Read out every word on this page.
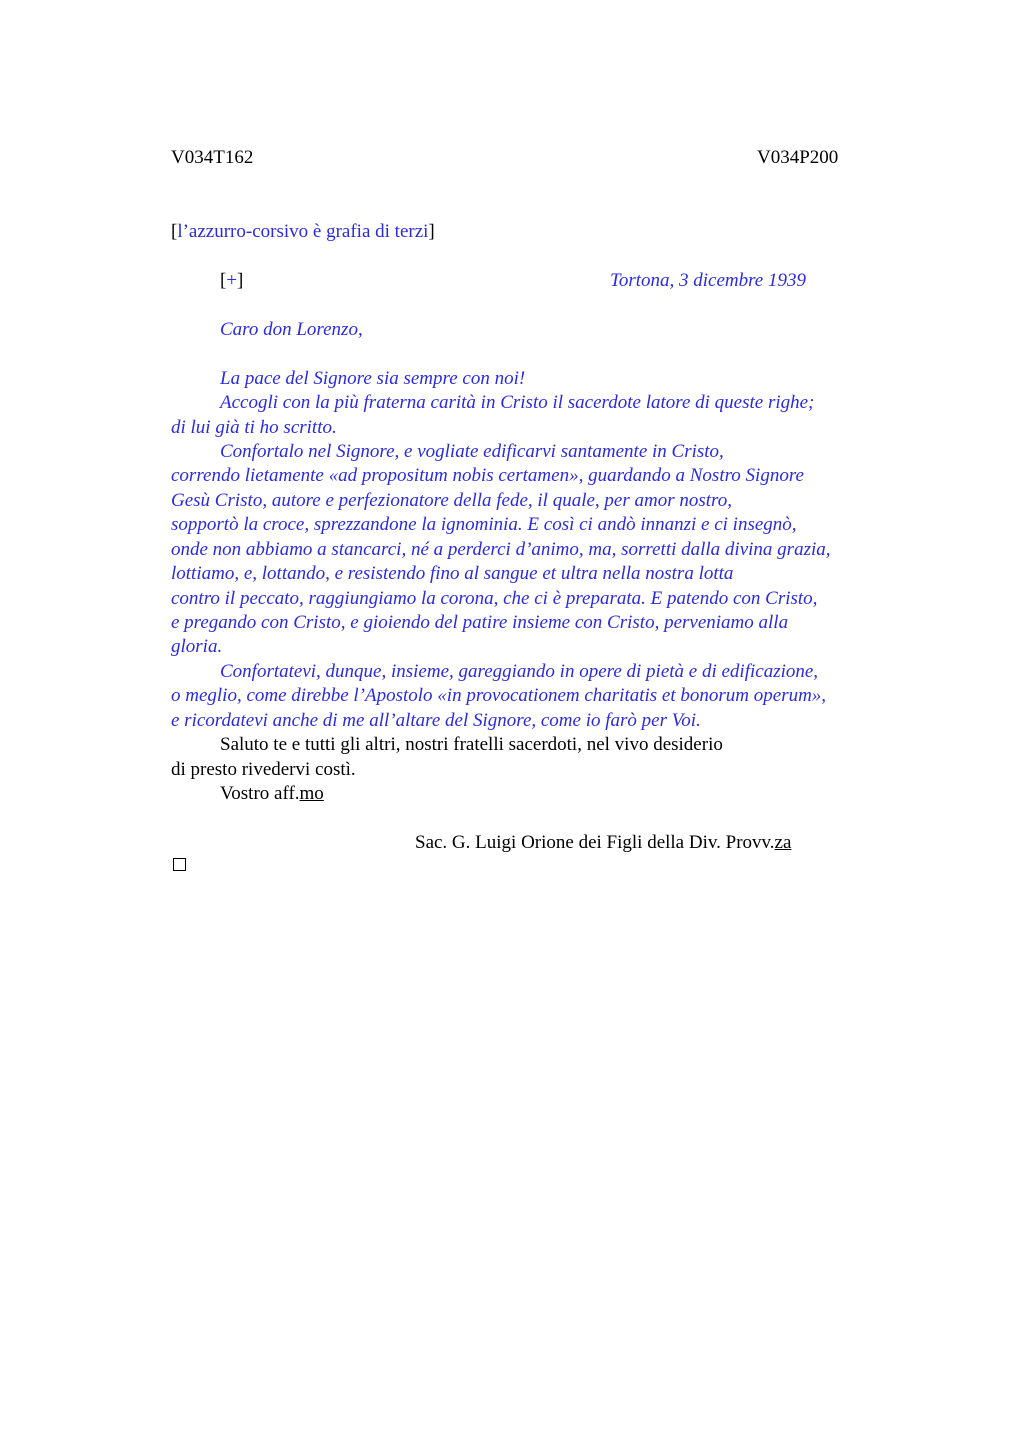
V034T162	V034P200
[l’azzurro-corsivo è grafia di terzi]
[+]	Tortona, 3 dicembre 1939
Caro don Lorenzo,
La pace del Signore sia sempre con noi!
Accogli con la più fraterna carità in Cristo il sacerdote latore di queste righe;
di lui già ti ho scritto.
Confortalo nel Signore, e vogliate edificarvi santamente in Cristo,
correndo lietamente «ad propositum nobis certamen», guardando a Nostro Signore
Gesù Cristo, autore e perfezionatore della fede, il quale, per amor nostro,
sopportò la croce, sprezzandone la ignominia. E così ci andò innanzi e ci insegnò,
onde non abbiamo a stancarci, né a perderci d’animo, ma, sorretti dalla divina grazia,
lottiamo, e, lottando, e resistendo fino al sangue et ultra nella nostra lotta
contro il peccato, raggiungiamo la corona, che ci è preparata. E patendo con Cristo,
e pregando con Cristo, e gioiendo del patire insieme con Cristo, perveniamo alla
gloria.
Confortatevi, dunque, insieme, gareggiando in opere di pietà e di edificazione,
o meglio, come direbbe l’Apostolo «in provocationem charitatis et bonorum operum»,
e ricordatevi anche di me all’altare del Signore, come io farò per Voi.
Saluto te e tutti gli altri, nostri fratelli sacerdoti, nel vivo desiderio
di presto rivedervi costì.
Vostro aff.mo
Sac. G. Luigi Orione dei Figli della Div. Provv.za
